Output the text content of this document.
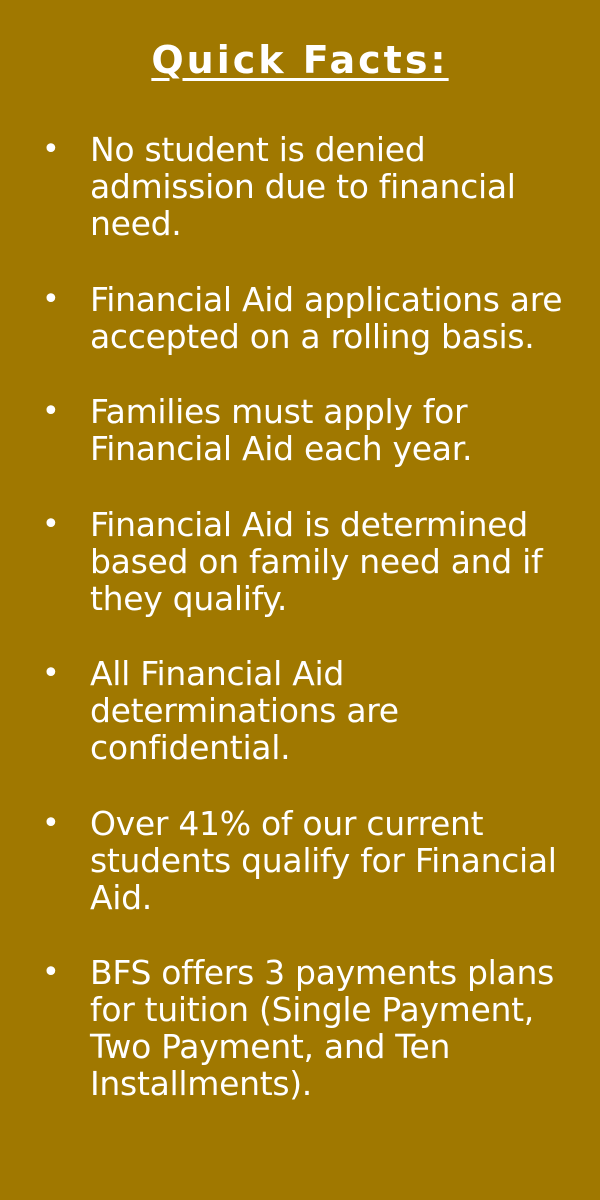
Quick Facts:
• No student is denied admission due to financial need.
• Financial Aid applications are accepted on a rolling basis.
• Families must apply for Financial Aid each year.
• Financial Aid is determined based on family need and if they qualify.
• All Financial Aid determinations are confidential.
• Over 41% of our current students qualify for Financial Aid.
• BFS offers 3 payments plans for tuition (Single Payment, Two Payment, and Ten Installments).
